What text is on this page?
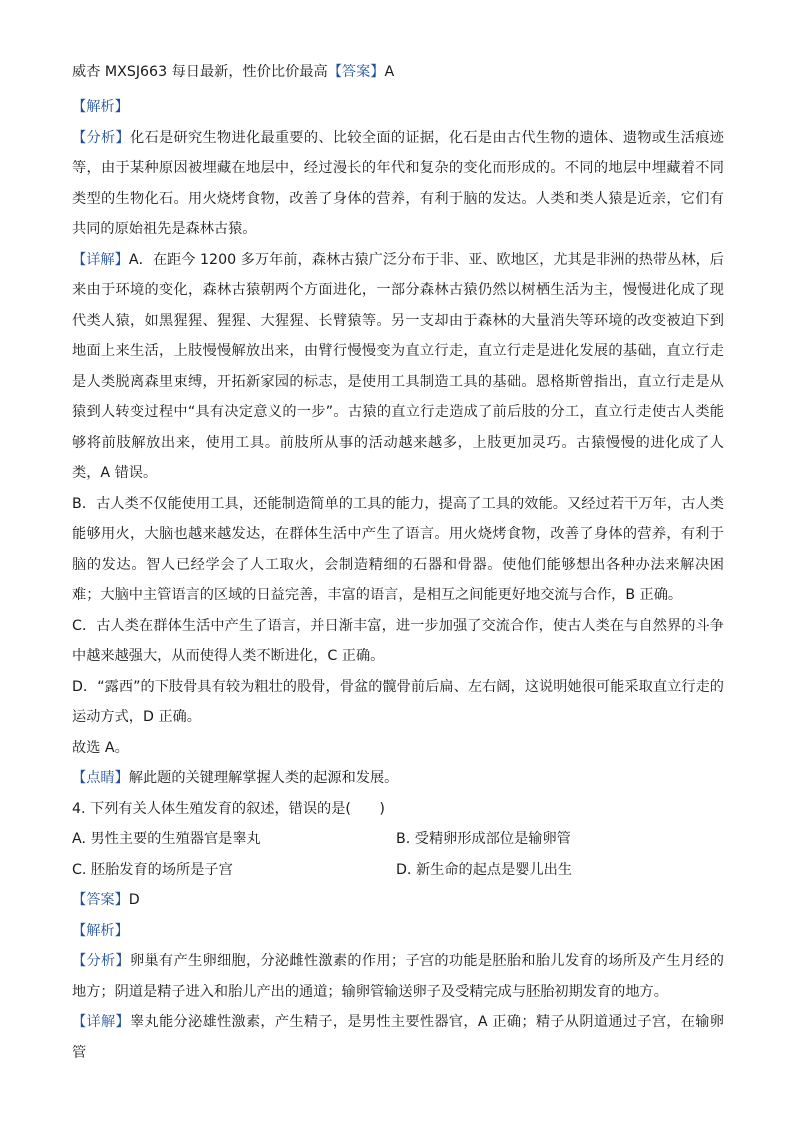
威杏 MXSJ663 每日最新，性价比价最高【答案】A

【解析】

【分析】化石是研究生物进化最重要的、比较全面的证据，化石是由古代生物的遗体、遗物或生活痕迹等，由于某种原因被埋藏在地层中，经过漫长的年代和复杂的变化而形成的。不同的地层中埋藏着不同类型的生物化石。用火烧烤食物，改善了身体的营养，有利于脑的发达。人类和类人猿是近亲，它们有共同的原始祖先是森林古猿。

【详解】A．在距今 1200 多万年前，森林古猿广泛分布于非、亚、欧地区，尤其是非洲的热带丛林，后来由于环境的变化，森林古猿朝两个方面进化，一部分森林古猿仍然以树栖生活为主，慢慢进化成了现代类人猿，如黑猩猩、猩猩、大猩猩、长臂猿等。另一支却由于森林的大量消失等环境的改变被迫下到地面上来生活，上肢慢慢解放出来，由臂行慢慢变为直立行走，直立行走是进化发展的基础，直立行走是人类脱离森里束缚，开拓新家园的标志，是使用工具制造工具的基础。恩格斯曾指出，直立行走是从猿到人转变过程中“具有决定意义的一步”。古猿的直立行走造成了前后肢的分工，直立行走使古人类能够将前肢解放出来，使用工具。前肢所从事的活动越来越多，上肢更加灵巧。古猿慢慢的进化成了人类，A 错误。

B．古人类不仅能使用工具，还能制造简单的工具的能力，提高了工具的效能。又经过若干万年，古人类能够用火，大脑也越来越发达，在群体生活中产生了语言。用火烧烤食物，改善了身体的营养，有利于脑的发达。智人已经学会了人工取火，会制造精细的石器和骨器。使他们能够想出各种办法来解决困难；大脑中主管语言的区域的日益完善，丰富的语言，是相互之间能更好地交流与合作，B 正确。

C．古人类在群体生活中产生了语言，并日渐丰富，进一步加强了交流合作，使古人类在与自然界的斗争中越来越强大，从而使得人类不断进化，C 正确。

D．“露西”的下肢骨具有较为粗壮的股骨，骨盆的髋骨前后扁、左右阔，这说明她很可能采取直立行走的运动方式，D 正确。

故选 A。

【点睛】解此题的关键理解掌握人类的起源和发展。

4. 下列有关人体生殖发育的叙述，错误的是(　　)

A. 男性主要的生殖器官是睾丸	B. 受精卵形成部位是输卵管
C. 胚胎发育的场所是子宫	D. 新生命的起点是婴儿出生

【答案】D

【解析】

【分析】卵巢有产生卵细胞，分泌雌性激素的作用；子宫的功能是胚胎和胎儿发育的场所及产生月经的地方；阴道是精子进入和胎儿产出的通道；输卵管输送卵子及受精完成与胚胎初期发育的地方。

【详解】睾丸能分泌雄性激素，产生精子，是男性主要性器官，A 正确；精子从阴道通过子宫，在输卵管
